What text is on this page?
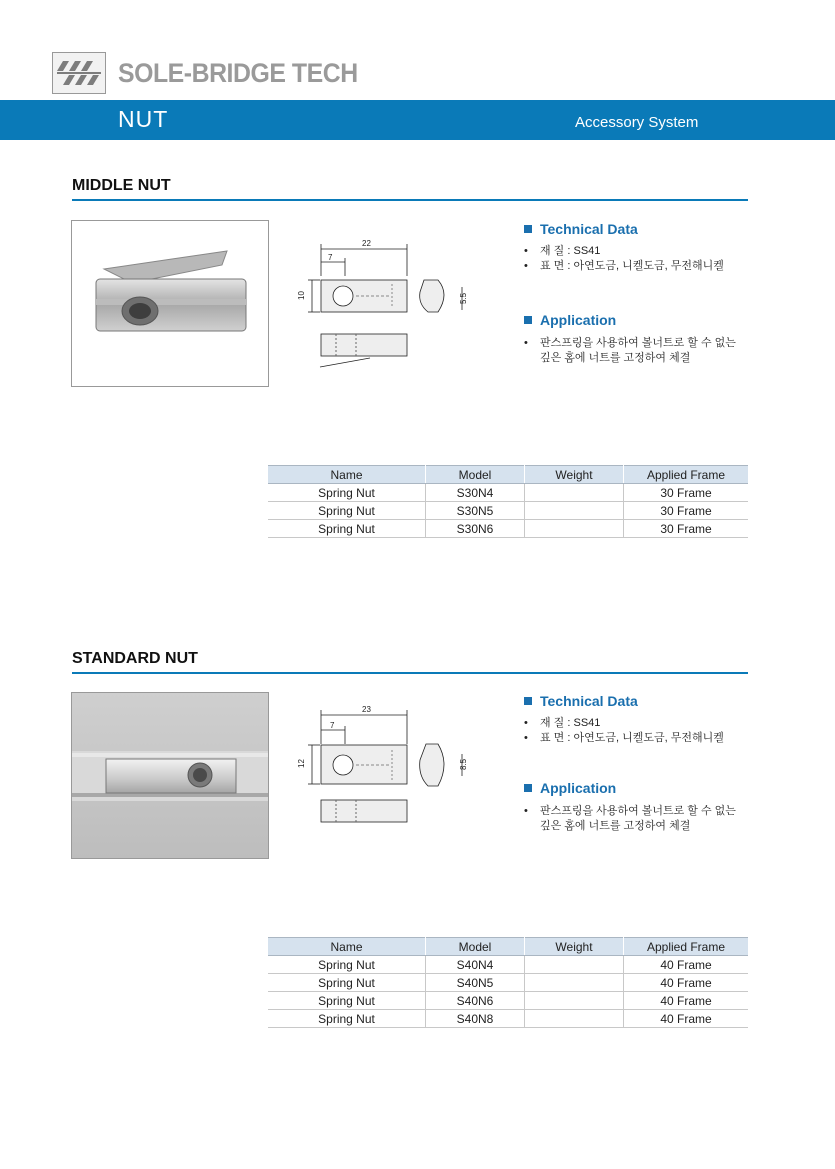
SOLE-BRIDGE TECH
NUT	Accessory System
MIDDLE NUT
22
7
10	5.5
Technical Data
• 재 질 : SS41
• 표 면 : 아연도금, 니켈도금, 무전해니켈
Application
• 판스프링을 사용하여 볼너트로 할 수 없는
깊은 홈에 너트를 고정하여 체결
Name	Model	Weight	Applied Frame
Spring Nut	S30N4		30 Frame
Spring Nut	S30N5		30 Frame
Spring Nut	S30N6		30 Frame
STANDARD NUT
23
7
12	8.5
Technical Data
• 재 질 : SS41
• 표 면 : 아연도금, 니켈도금, 무전해니켈
Application
• 판스프링을 사용하여 볼너트로 할 수 없는
깊은 홈에 너트를 고정하여 체결
Name	Model	Weight	Applied Frame
Spring Nut	S40N4		40 Frame
Spring Nut	S40N5		40 Frame
Spring Nut	S40N6		40 Frame
Spring Nut	S40N8		40 Frame
